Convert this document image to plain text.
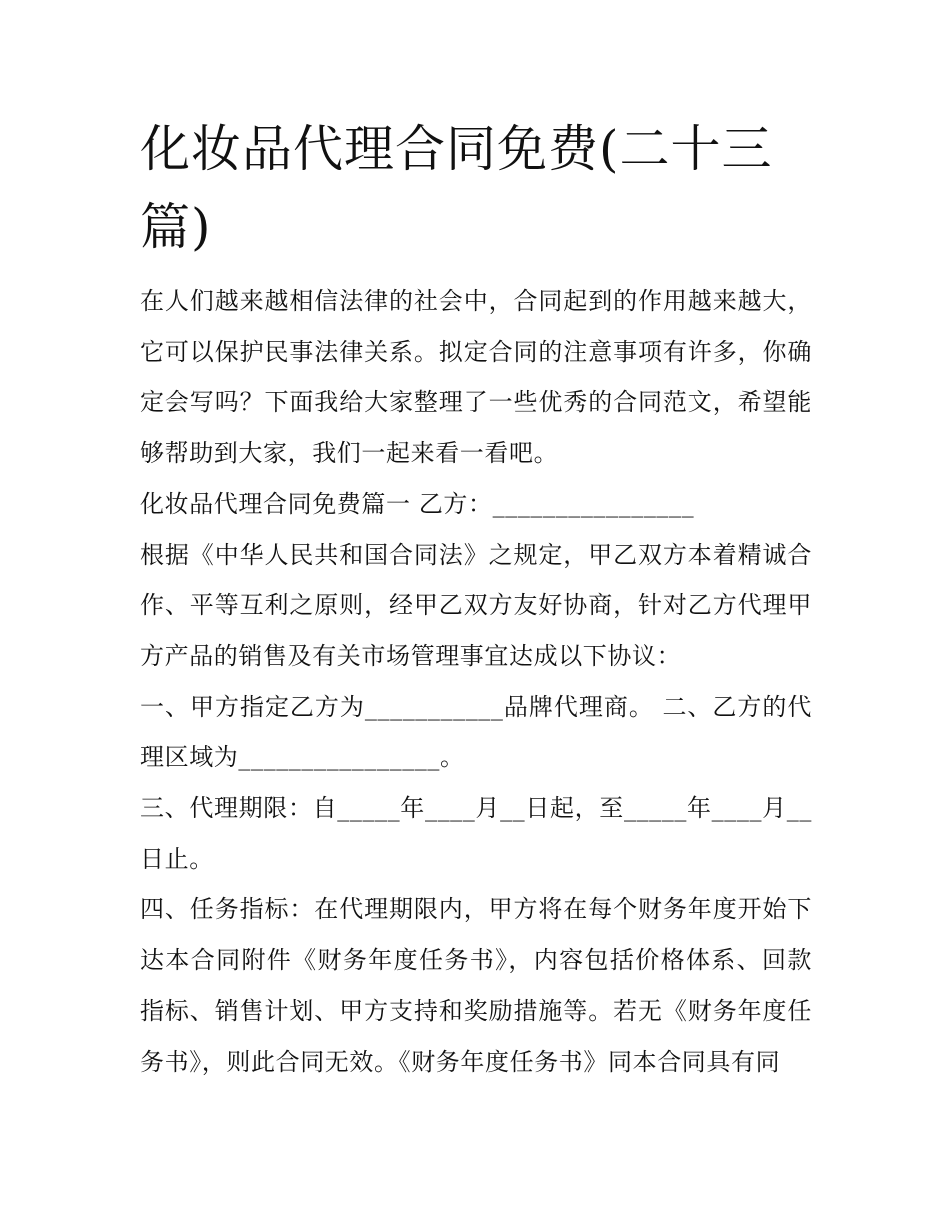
化妆品代理合同免费(二十三篇)

在人们越来越相信法律的社会中，合同起到的作用越来越大，它可以保护民事法律关系。拟定合同的注意事项有许多，你确定会写吗？下面我给大家整理了一些优秀的合同范文，希望能够帮助到大家，我们一起来看一看吧。

化妆品代理合同免费篇一 乙方：________________

根据《中华人民共和国合同法》之规定，甲乙双方本着精诚合作、平等互利之原则，经甲乙双方友好协商，针对乙方代理甲方产品的销售及有关市场管理事宜达成以下协议：

一、甲方指定乙方为___________品牌代理商。 二、乙方的代理区域为________________。

三、代理期限：自_____年____月__日起，至_____年____月__日止。

四、任务指标：在代理期限内，甲方将在每个财务年度开始下达本合同附件《财务年度任务书》，内容包括价格体系、回款指标、销售计划、甲方支持和奖励措施等。若无《财务年度任务书》，则此合同无效。《财务年度任务书》同本合同具有同
